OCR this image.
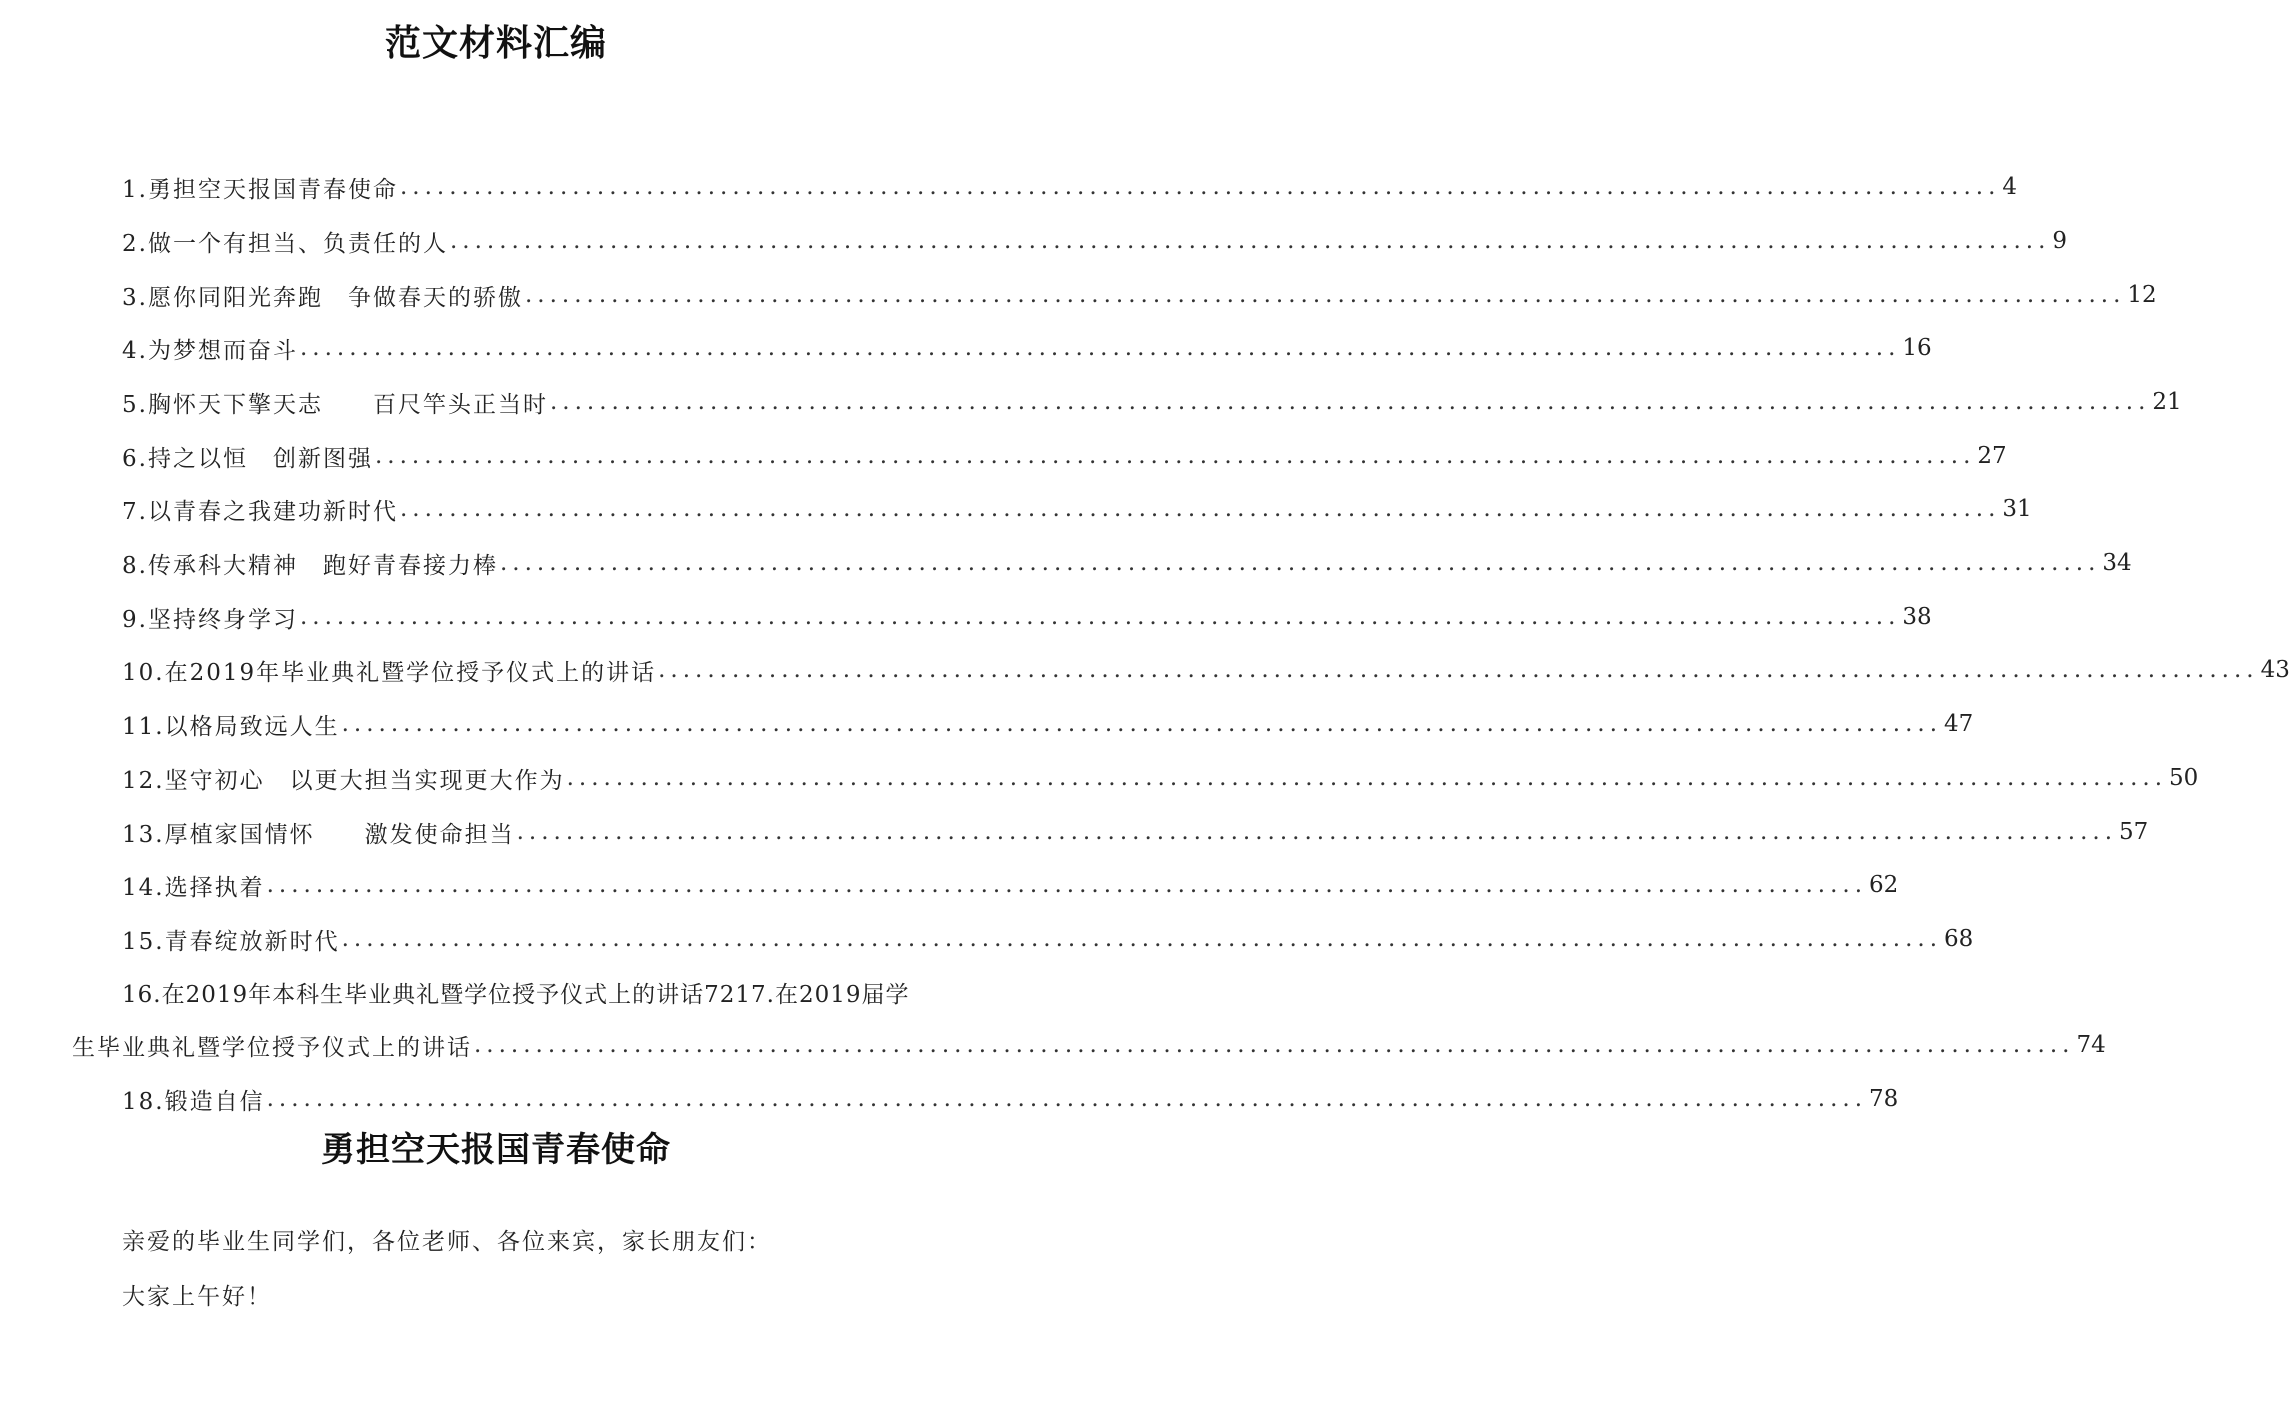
范文材料汇编
1.勇担空天报国青春使命 .................................................................................................................................. 4
2.做一个有担当、负责任的人 .................................................................................................................................. 9
3.愿你同阳光奔跑　争做春天的骄傲 .................................................................................................................................. 12
4.为梦想而奋斗 .................................................................................................................................. 16
5.胸怀天下擎天志　　百尺竿头正当时 .................................................................................................................................. 21
6.持之以恒　创新图强 .................................................................................................................................. 27
7.以青春之我建功新时代 .................................................................................................................................. 31
8.传承科大精神　跑好青春接力棒 .................................................................................................................................. 34
9.坚持终身学习 .................................................................................................................................. 38
10.在2019年毕业典礼暨学位授予仪式上的讲话 .................................................................................................................................. 43
11.以格局致远人生 .................................................................................................................................. 47
12.坚守初心　以更大担当实现更大作为 .................................................................................................................................. 50
13.厚植家国情怀　　激发使命担当 .................................................................................................................................. 57
14.选择执着 .................................................................................................................................. 62
15.青春绽放新时代 .................................................................................................................................. 68
16.在2019年本科生毕业典礼暨学位授予仪式上的讲话7217.在2019届学
生毕业典礼暨学位授予仪式上的讲话 .................................................................................................................................. 74
18.锻造自信 .................................................................................................................................. 78
勇担空天报国青春使命
亲爱的毕业生同学们，各位老师、各位来宾，家长朋友们：
大家上午好！
